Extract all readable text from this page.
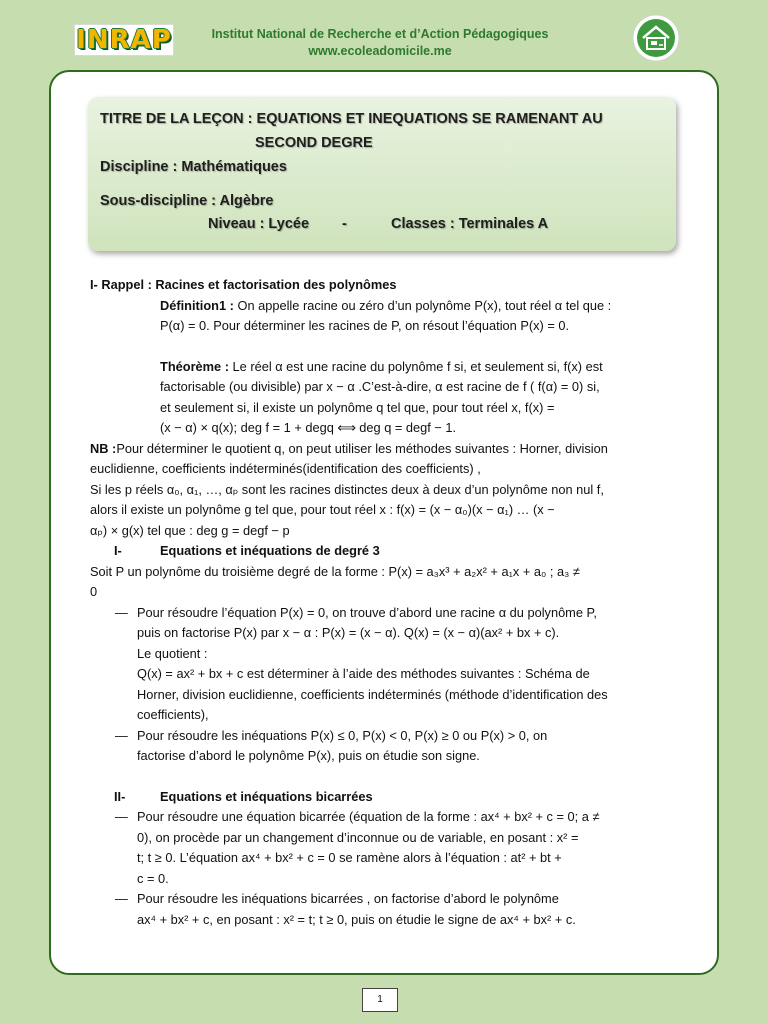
INRAP	Institut National de Recherche et d’Action Pédagogiques
www.ecoleadomicile.me
TITRE DE LA LEÇON : EQUATIONS ET INEQUATIONS SE RAMENANT AU
SECOND DEGRE
Discipline : Mathématiques
Sous-discipline : Algèbre
Niveau : Lycée -	Classes : Terminales A

I- Rappel : Racines et factorisation des polynômes

Définition1 : On appelle racine ou zéro d’un polynôme P(x), tout réel α tel que :

P(α) = 0. Pour déterminer les racines de P, on résout l’équation P(x) = 0.

Théorème : Le réel α est une racine du polynôme f si, et seulement si, f(x) est

factorisable (ou divisible) par x − α .C’est-à-dire, α est racine de f ( f(α) = 0) si,

et seulement si, il existe un polynôme q tel que, pour tout réel x, f(x) =

(x − α) × q(x); deg f = 1 + degq ⟺ deg q = degf − 1.

NB :Pour déterminer le quotient q, on peut utiliser les méthodes suivantes : Horner, division

euclidienne, coefficients indéterminés(identification des coefficients) ,

Si les p réels α₀, α₁, …, αₚ sont les racines distinctes deux à deux d’un polynôme non nul f,

alors il existe un polynôme g tel que, pour tout réel x : f(x) = (x − α₀)(x − α₁) … (x −

αₚ) × g(x) tel que : deg g = degf − p

I-	Equations et inéquations de degré 3

Soit P un polynôme du troisième degré de la forme : P(x) = a₃x³ + a₂x² + a₁x + a₀ ; a₃ ≠

0

— Pour résoudre l’équation P(x) = 0, on trouve d’abord une racine α du polynôme P,

puis on factorise P(x) par x − α : P(x) = (x − α). Q(x) = (x − α)(ax² + bx + c).

Le quotient :

Q(x) = ax² + bx + c est déterminer à l’aide des méthodes suivantes : Schéma de

Horner, division euclidienne, coefficients indéterminés (méthode d’identification des

coefficients),

— Pour résoudre les inéquations P(x) ≤ 0, P(x) < 0, P(x) ≥ 0 ou P(x) > 0, on

factorise d’abord le polynôme P(x), puis on étudie son signe.

II-	Equations et inéquations bicarrées

— Pour résoudre une équation bicarrée (équation de la forme : ax⁴ + bx² + c = 0; a ≠

0), on procède par un changement d’inconnue ou de variable, en posant : x² =

t; t ≥ 0. L’équation ax⁴ + bx² + c = 0 se ramène alors à l’équation : at² + bt +

c = 0.

— Pour résoudre les inéquations bicarrées , on factorise d’abord le polynôme

ax⁴ + bx² + c, en posant : x² = t; t ≥ 0, puis on étudie le signe de ax⁴ + bx² + c.

1
